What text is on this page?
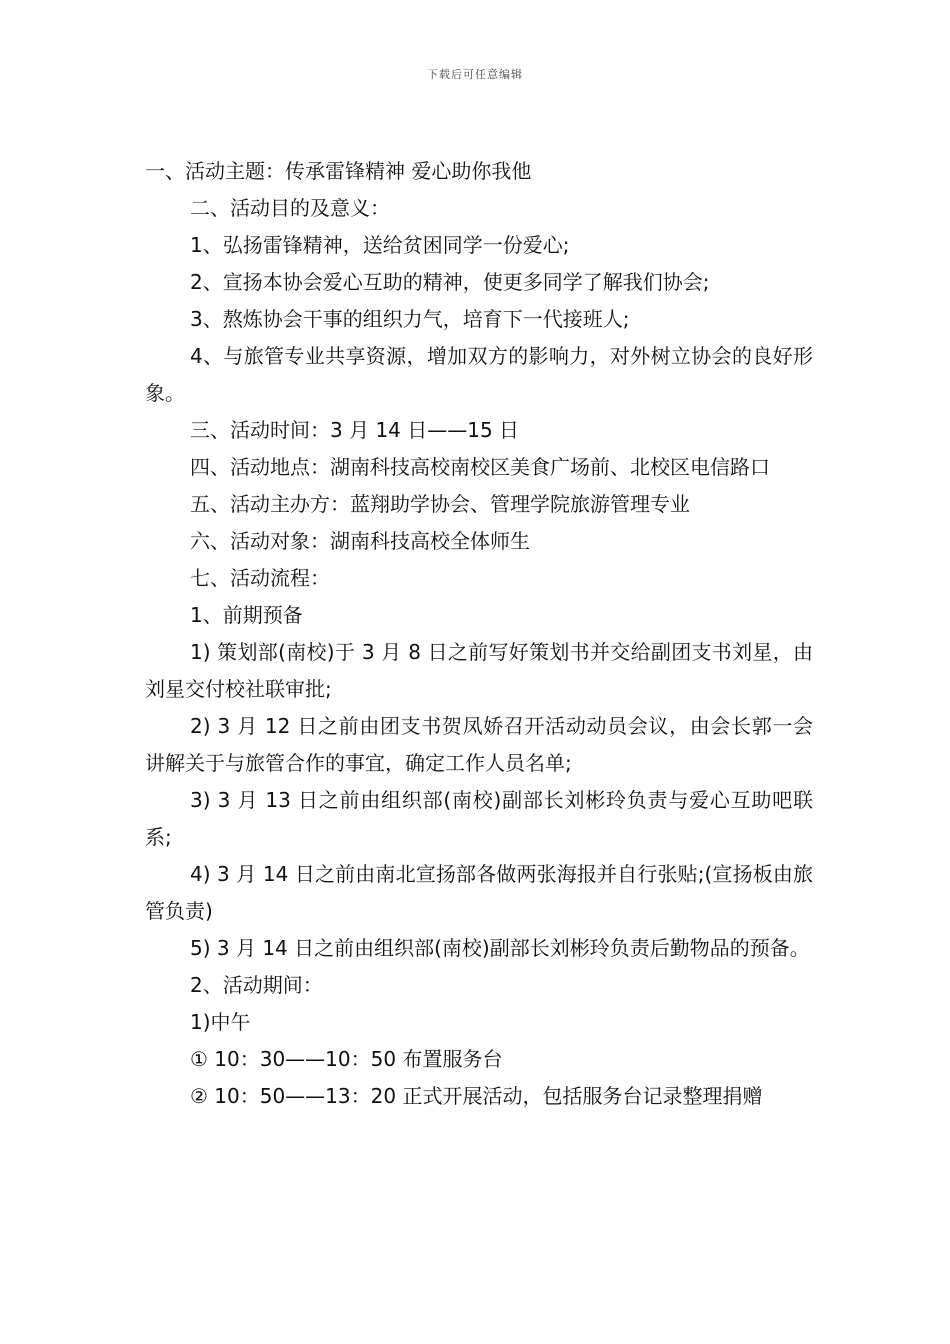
下载后可任意编辑

一、活动主题：传承雷锋精神 爱心助你我他

二、活动目的及意义：

1、弘扬雷锋精神，送给贫困同学一份爱心;

2、宣扬本协会爱心互助的精神，使更多同学了解我们协会;

3、熬炼协会干事的组织力气，培育下一代接班人;

4、与旅管专业共享资源，增加双方的影响力，对外树立协会的良好形象。

三、活动时间：3 月 14 日——15 日

四、活动地点：湖南科技高校南校区美食广场前、北校区电信路口

五、活动主办方：蓝翔助学协会、管理学院旅游管理专业

六、活动对象：湖南科技高校全体师生

七、活动流程：

1、前期预备

1) 策划部(南校)于 3 月 8 日之前写好策划书并交给副团支书刘星，由刘星交付校社联审批;

2) 3 月 12 日之前由团支书贺凤娇召开活动动员会议，由会长郭一会讲解关于与旅管合作的事宜，确定工作人员名单;

3) 3 月 13 日之前由组织部(南校)副部长刘彬玲负责与爱心互助吧联系;

4) 3 月 14 日之前由南北宣扬部各做两张海报并自行张贴;(宣扬板由旅管负责)

5) 3 月 14 日之前由组织部(南校)副部长刘彬玲负责后勤物品的预备。

2、活动期间：

1)中午

① 10：30——10：50 布置服务台

② 10：50——13：20 正式开展活动，包括服务台记录整理捐赠
